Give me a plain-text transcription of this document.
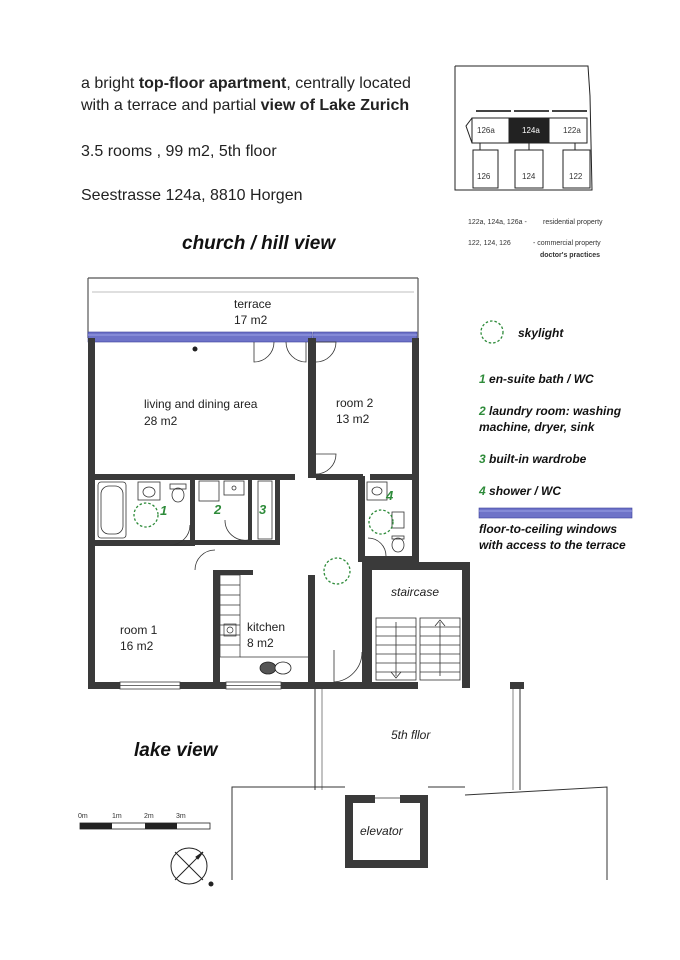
a bright top-floor apartment, centrally located
with a terrace and partial view of Lake Zurich
3.5 rooms , 99 m2, 5th floor
Seestrasse 124a, 8810 Horgen
church / hill view
lake view
126a	124a	122a
126	124	122
122a, 124a, 126a - residential property
122, 124, 126	- commercial property
doctor's practices
terrace
17 m2
living and dining area
28 m2
room 2
13 m2
room 1
16 m2
kitchen
8 m2
staircase
5th fllor
elevator
1	2	3
4
skylight
1 en-suite bath / WC
2 laundry room: washing
machine, dryer, sink
3 built-in wardrobe
4 shower / WC
floor-to-ceiling windows
with access to the terrace
0m	1m	2m	3m
